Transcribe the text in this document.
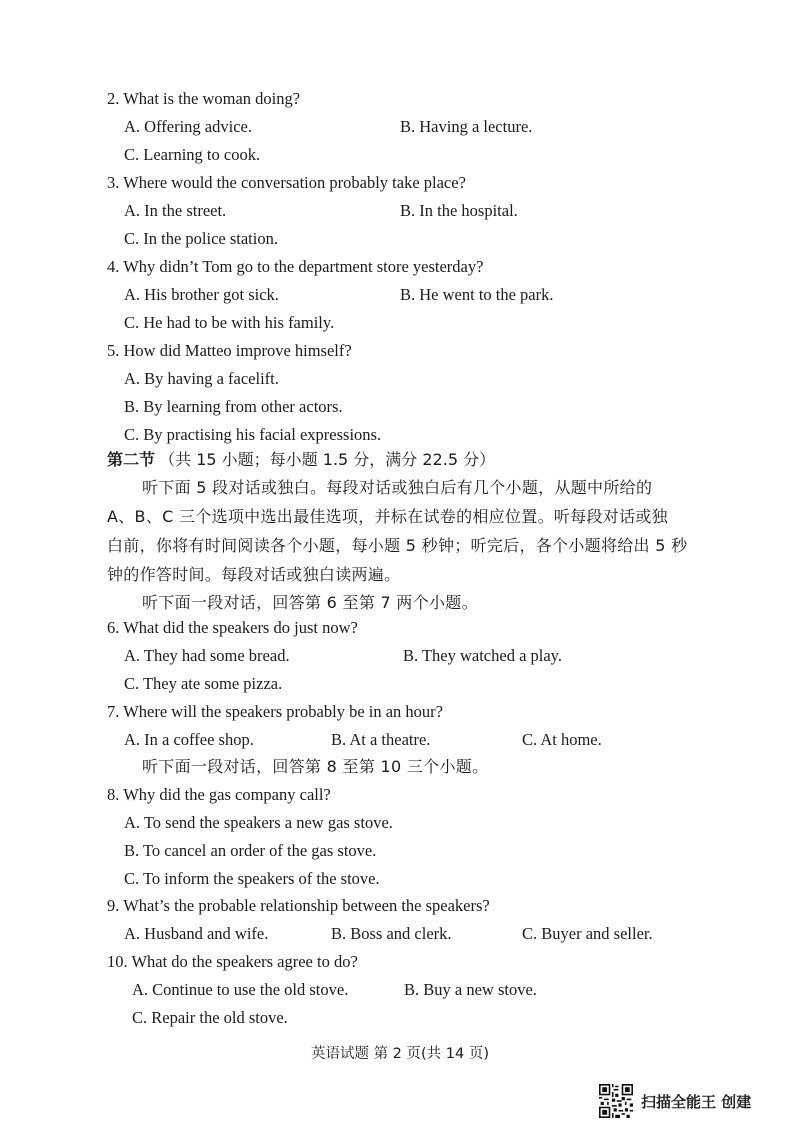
2. What is the woman doing?
A. Offering advice.	B. Having a lecture.
C. Learning to cook.
3. Where would the conversation probably take place?
A. In the street.	B. In the hospital.
C. In the police station.
4. Why didn’t Tom go to the department store yesterday?
A. His brother got sick.	B. He went to the park.
C. He had to be with his family.
5. How did Matteo improve himself?
A. By having a facelift.
B. By learning from other actors.
C. By practising his facial expressions.
第二节 （共 15 小题；每小题 1.5 分，满分 22.5 分）
听下面 5 段对话或独白。每段对话或独白后有几个小题，从题中所给的
A、B、C 三个选项中选出最佳选项，并标在试卷的相应位置。听每段对话或独
白前，你将有时间阅读各个小题，每小题 5 秒钟；听完后，各个小题将给出 5 秒
钟的作答时间。每段对话或独白读两遍。
听下面一段对话，回答第 6 至第 7 两个小题。
6. What did the speakers do just now?
A. They had some bread.	B. They watched a play.
C. They ate some pizza.
7. Where will the speakers probably be in an hour?
A. In a coffee shop.	B. At a theatre.	C. At home.
听下面一段对话，回答第 8 至第 10 三个小题。
8. Why did the gas company call?
A. To send the speakers a new gas stove.
B. To cancel an order of the gas stove.
C. To inform the speakers of the stove.
9. What’s the probable relationship between the speakers?
A. Husband and wife.	B. Boss and clerk.	C. Buyer and seller.
10. What do the speakers agree to do?
A. Continue to use the old stove.	B. Buy a new stove.
C. Repair the old stove.
英语试题 第 2 页(共 14 页)
扫描全能王 创建
